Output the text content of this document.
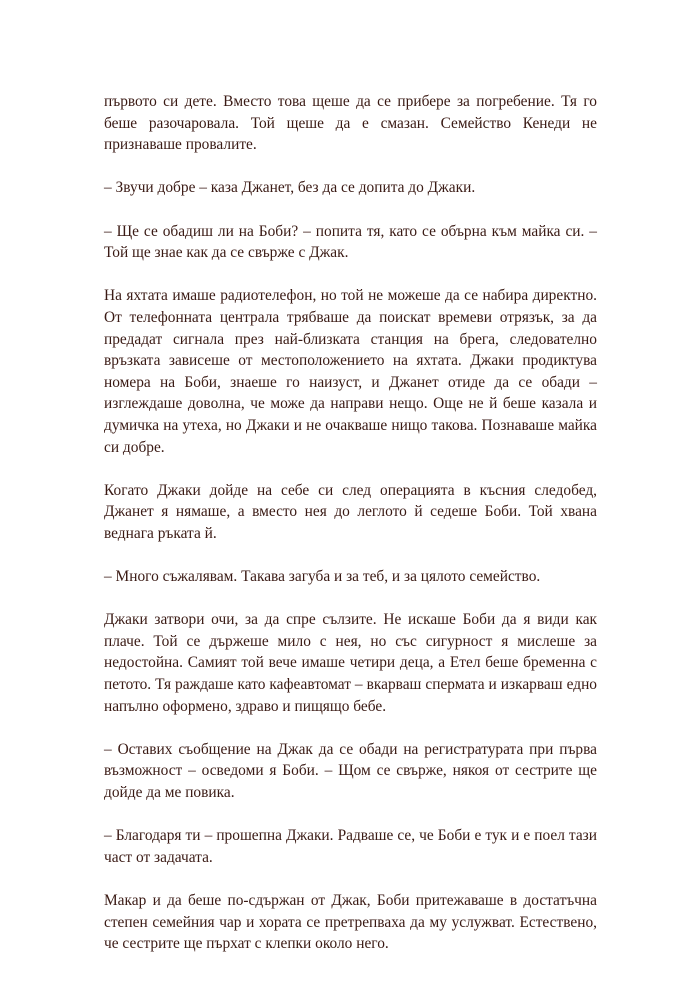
първото си дете. Вместо това щеше да се прибере за погребение. Тя го беше разочаровала. Той щеше да е смазан. Семейство Кенеди не признаваше провалите.

– Звучи добре – каза Джанет, без да се допита до Джаки.

– Ще се обадиш ли на Боби? – попита тя, като се обърна към майка си. – Той ще знае как да се свърже с Джак.

На яхтата имаше радиотелефон, но той не можеше да се набира директно. От телефонната централа трябваше да поискат времеви отрязък, за да предадат сигнала през най-близката станция на брега, следователно връзката зависеше от местоположението на яхтата. Джаки продиктува номера на Боби, знаеше го наизуст, и Джанет отиде да се обади – изглеждаше доволна, че може да направи нещо. Още не й беше казала и думичка на утеха, но Джаки и не очакваше нищо такова. Познаваше майка си добре.

Когато Джаки дойде на себе си след операцията в късния следобед, Джанет я нямаше, а вместо нея до леглото й седеше Боби. Той хвана веднага ръката й.

– Много съжалявам. Такава загуба и за теб, и за цялото семейство.

Джаки затвори очи, за да спре сълзите. Не искаше Боби да я види как плаче. Той се държеше мило с нея, но със сигурност я мислеше за недостойна. Самият той вече имаше четири деца, а Етел беше бременна с петото. Тя раждаше като кафеавтомат – вкарваш спермата и изкарваш едно напълно оформено, здраво и пищящо бебе.

– Оставих съобщение на Джак да се обади на регистратурата при първа възможност – осведоми я Боби. – Щом се свърже, някоя от сестрите ще дойде да ме повика.

– Благодаря ти – прошепна Джаки. Радваше се, че Боби е тук и е поел тази част от задачата.

Макар и да беше по-сдържан от Джак, Боби притежаваше в достатъчна степен семейния чар и хората се претрепваха да му услужват. Естествено, че сестрите ще пърхат с клепки около него.
